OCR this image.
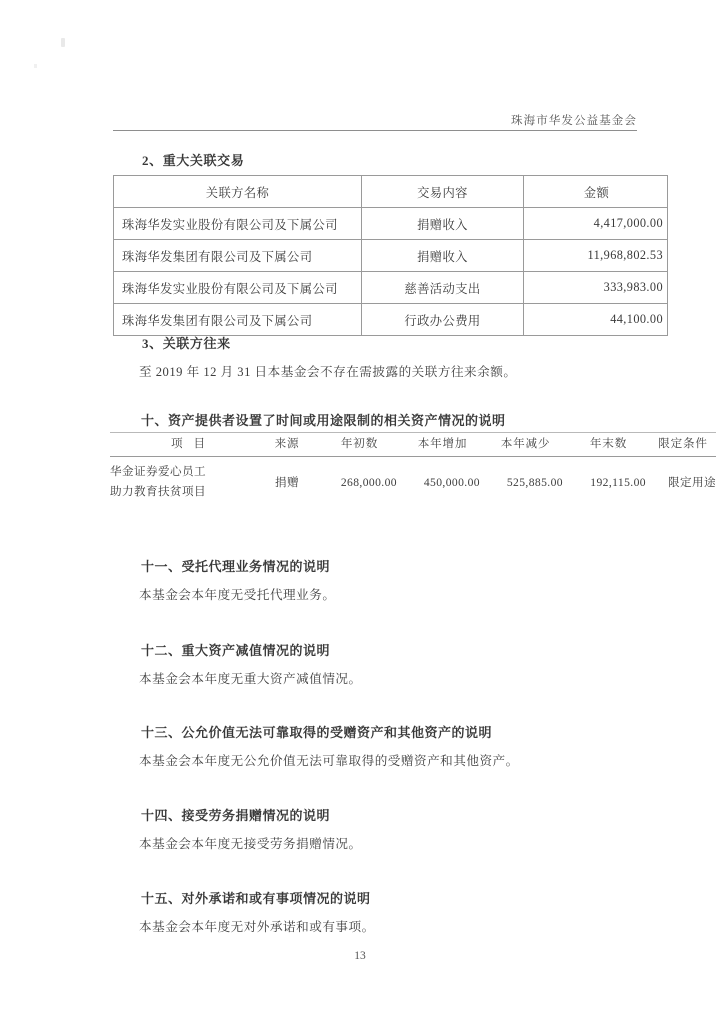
珠海市华发公益基金会
2、重大关联交易
关联方名称	交易内容	金额
珠海华发实业股份有限公司及下属公司	捐赠收入	4,417,000.00
珠海华发集团有限公司及下属公司	捐赠收入	11,968,802.53
珠海华发实业股份有限公司及下属公司	慈善活动支出	333,983.00
珠海华发集团有限公司及下属公司	行政办公费用	44,100.00
3、关联方往来
至 2019 年 12 月 31 日本基金会不存在需披露的关联方往来余额。
十、资产提供者设置了时间或用途限制的相关资产情况的说明
项 目	来源	年初数	本年增加	本年减少	年末数	限定条件

华金证券爱心员工
助力教育扶贫项目	捐赠	268,000.00	450,000.00	525,885.00	192,115.00	限定用途
十一、受托代理业务情况的说明
本基金会本年度无受托代理业务。
十二、重大资产减值情况的说明
本基金会本年度无重大资产减值情况。
十三、公允价值无法可靠取得的受赠资产和其他资产的说明
本基金会本年度无公允价值无法可靠取得的受赠资产和其他资产。
十四、接受劳务捐赠情况的说明
本基金会本年度无接受劳务捐赠情况。
十五、对外承诺和或有事项情况的说明
本基金会本年度无对外承诺和或有事项。
13
